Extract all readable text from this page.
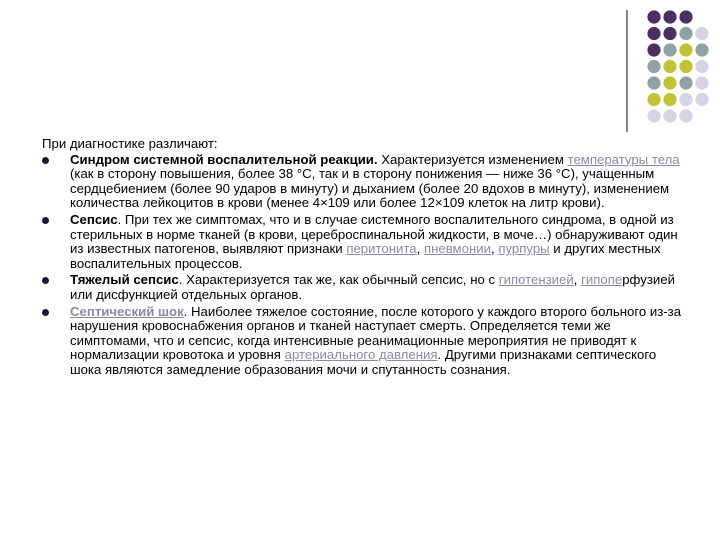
При диагностике различают:

Синдром системной воспалительной реакции. Характеризуется изменением температуры тела (как в сторону повышения, более 38 °C, так и в сторону понижения — ниже 36 °C), учащенным сердцебиением (более 90 ударов в минуту) и дыханием (более 20 вдохов в минуту), изменением количества лейкоцитов в крови (менее 4×109 или более 12×109 клеток на литр крови).
Сепсис. При тех же симптомах, что и в случае системного воспалительного синдрома, в одной из стерильных в норме тканей (в крови, цереброспинальной жидкости, в моче…) обнаруживают один из известных патогенов, выявляют признаки перитонита, пневмонии, пурпуры и других местных воспалительных процессов.
Тяжелый сепсис. Характеризуется так же, как обычный сепсис, но с гипотензией, гипоперфузией или дисфункцией отдельных органов.
Септический шок. Наиболее тяжелое состояние, после которого у каждого второго больного из-за нарушения кровоснабжения органов и тканей наступает смерть. Определяется теми же симптомами, что и сепсис, когда интенсивные реанимационные мероприятия не приводят к нормализации кровотока и уровня артериального давления. Другими признаками септического шока являются замедление образования мочи и спутанность сознания.
